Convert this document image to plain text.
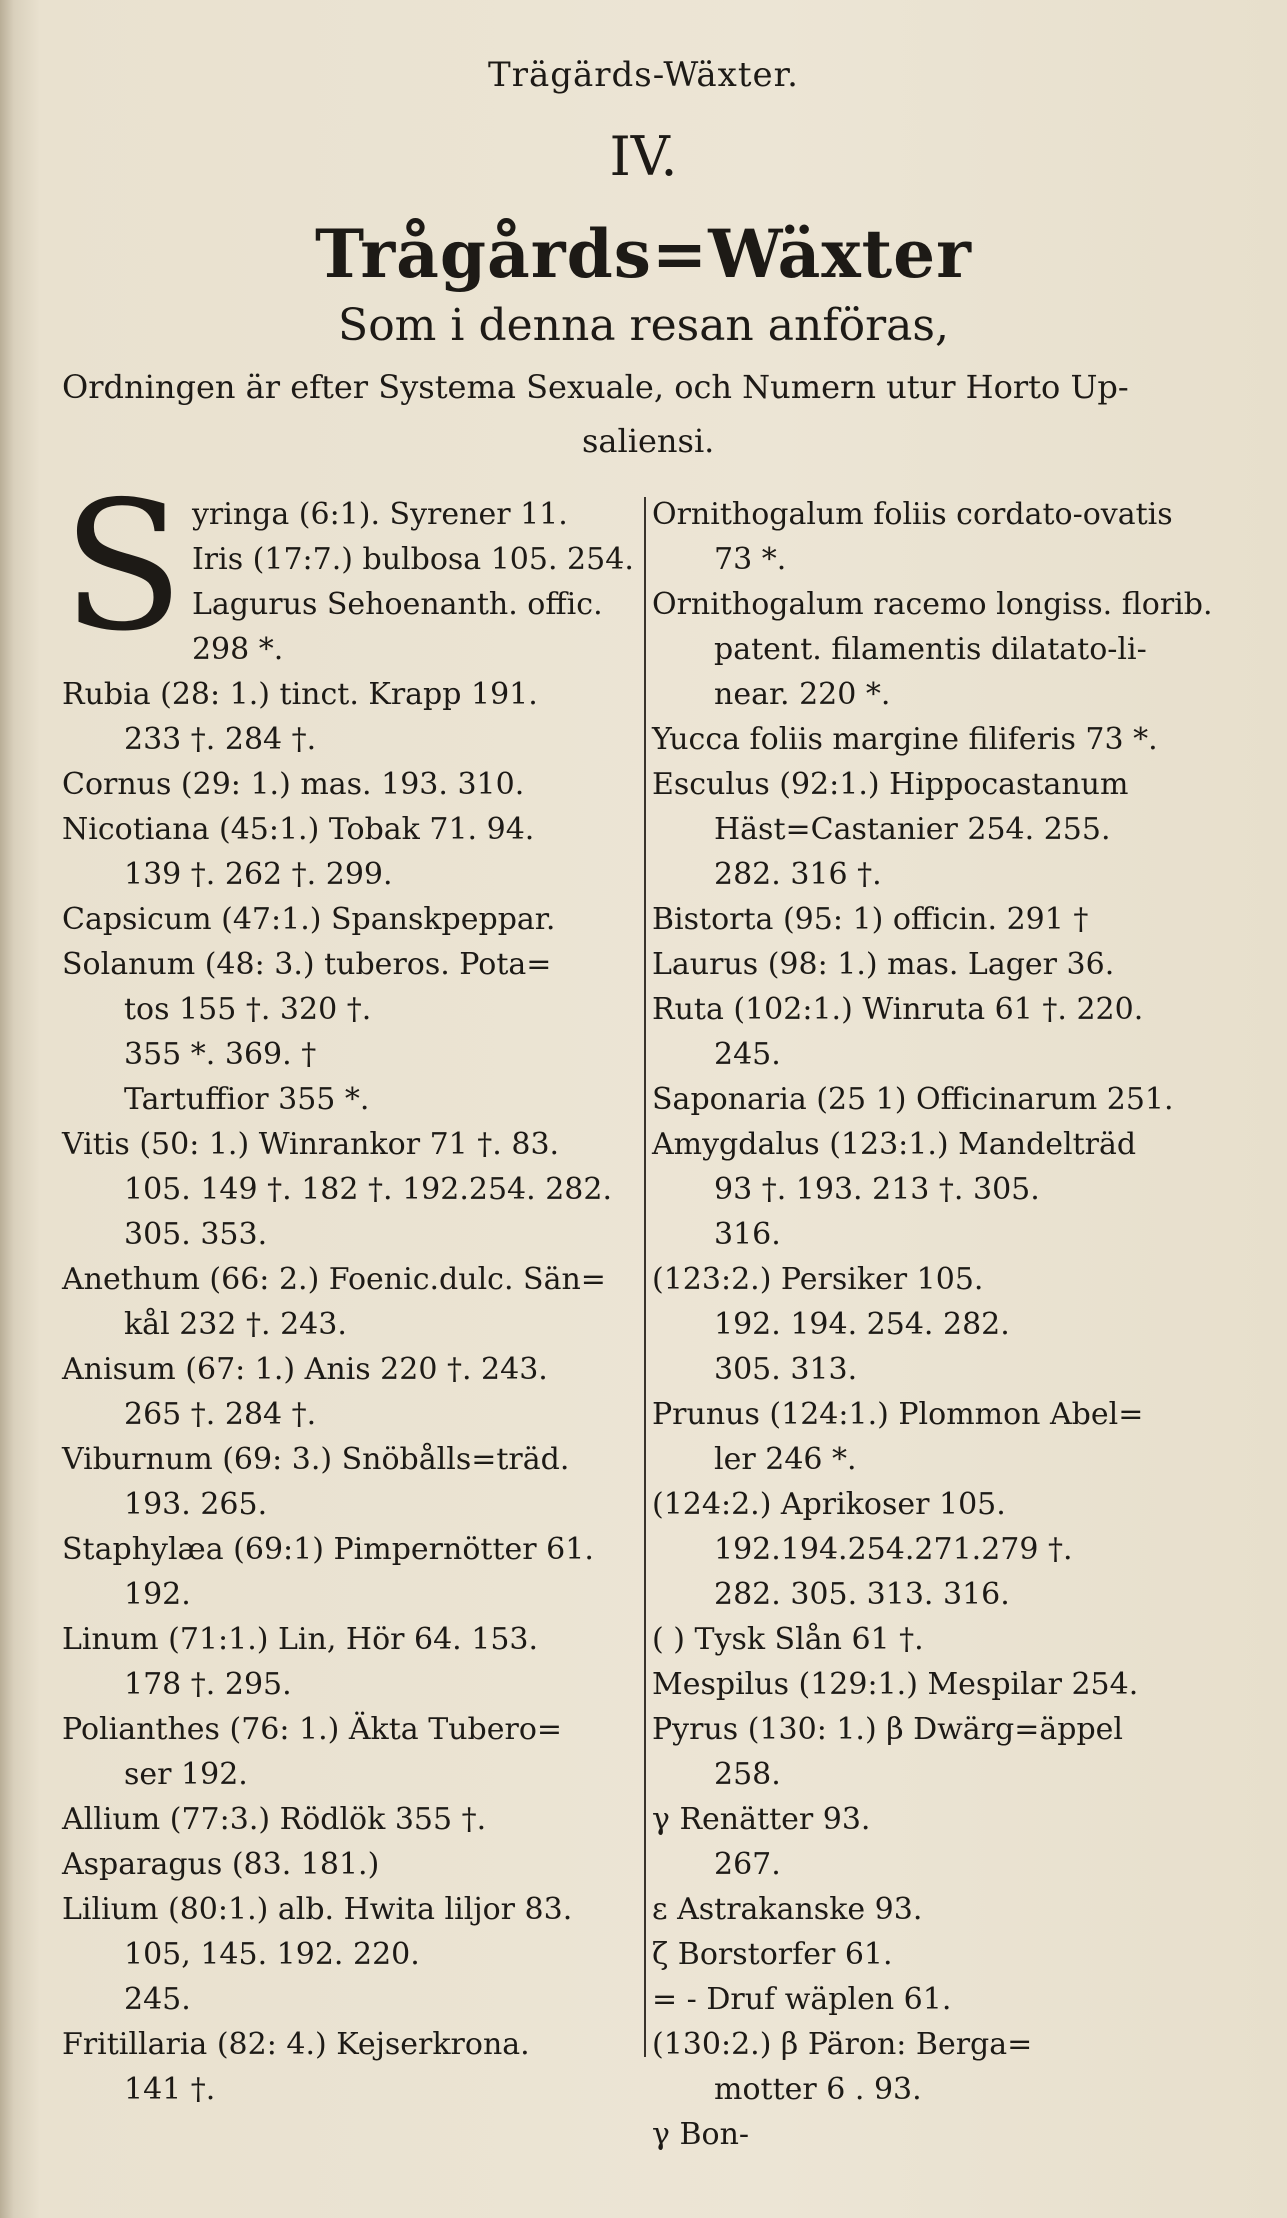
Trägärds-Wäxter.
IV.
Trågårds=Wäxter
Som i denna resan anföras,
Ordningen är efter Systema Sexuale, och Numern utur Horto Up-
saliensi.
S yringa (6:1). Syrener 11.
Iris (17:7.) bulbosa 105. 254.
Lagurus Sehoenanth. offic.
298 *.
Rubia (28: 1.) tinct. Krapp 191.
233 †. 284 †.
Cornus (29: 1.) mas. 193. 310.
Nicotiana (45:1.) Tobak 71. 94.
139 †. 262 †. 299.
Capsicum (47:1.) Spanskpeppar.
Solanum (48: 3.) tuberos. Pota=
tos 155 †. 320 †.
355 *. 369. †
Tartuffior 355 *.
Vitis (50: 1.) Winrankor 71 †. 83.
105. 149 †. 182 †. 192.254. 282.
305. 353.
Anethum (66: 2.) Foenic.dulc. Sän=
kål 232 †. 243.
Anisum (67: 1.) Anis 220 †. 243.
265 †. 284 †.
Viburnum (69: 3.) Snöbålls=träd.
193. 265.
Staphylæa (69:1) Pimpernötter 61.
192.
Linum (71:1.) Lin, Hör 64. 153.
178 †. 295.
Polianthes (76: 1.) Äkta Tubero=
ser 192.
Allium (77:3.) Rödlök 355 †.
Asparagus (83. 181.)
Lilium (80:1.) alb. Hwita liljor 83.
105, 145. 192. 220.
245.
Fritillaria (82: 4.) Kejserkrona.
141 †.
Ornithogalum foliis cordato-ovatis
73 *.
Ornithogalum racemo longiss. florib.
patent. filamentis dilatato-li-
near. 220 *.
Yucca foliis margine filiferis 73 *.
Esculus (92:1.) Hippocastanum
Häst=Castanier 254. 255.
282. 316 †.
Bistorta (95: 1) officin. 291 †
Laurus (98: 1.) mas. Lager 36.
Ruta (102:1.) Winruta 61 †. 220.
245.
Saponaria (25 1) Officinarum 251.
Amygdalus (123:1.) Mandelträd
93 †. 193. 213 †. 305.
316.
(123:2.) Persiker 105.
192. 194. 254. 282.
305. 313.
Prunus (124:1.) Plommon Abel=
ler 246 *.
(124:2.) Aprikoser 105.
192.194.254.271.279 †.
282. 305. 313. 316.
( ) Tysk Slån 61 †.
Mespilus (129:1.) Mespilar 254.
Pyrus (130: 1.) β Dwärg=äppel
258.
γ Renätter 93.
267.
ε Astrakanske 93.
ζ Borstorfer 61.
= - Druf wäplen 61.
(130:2.) β Päron: Berga=
motter 6 . 93.
γ Bon-
